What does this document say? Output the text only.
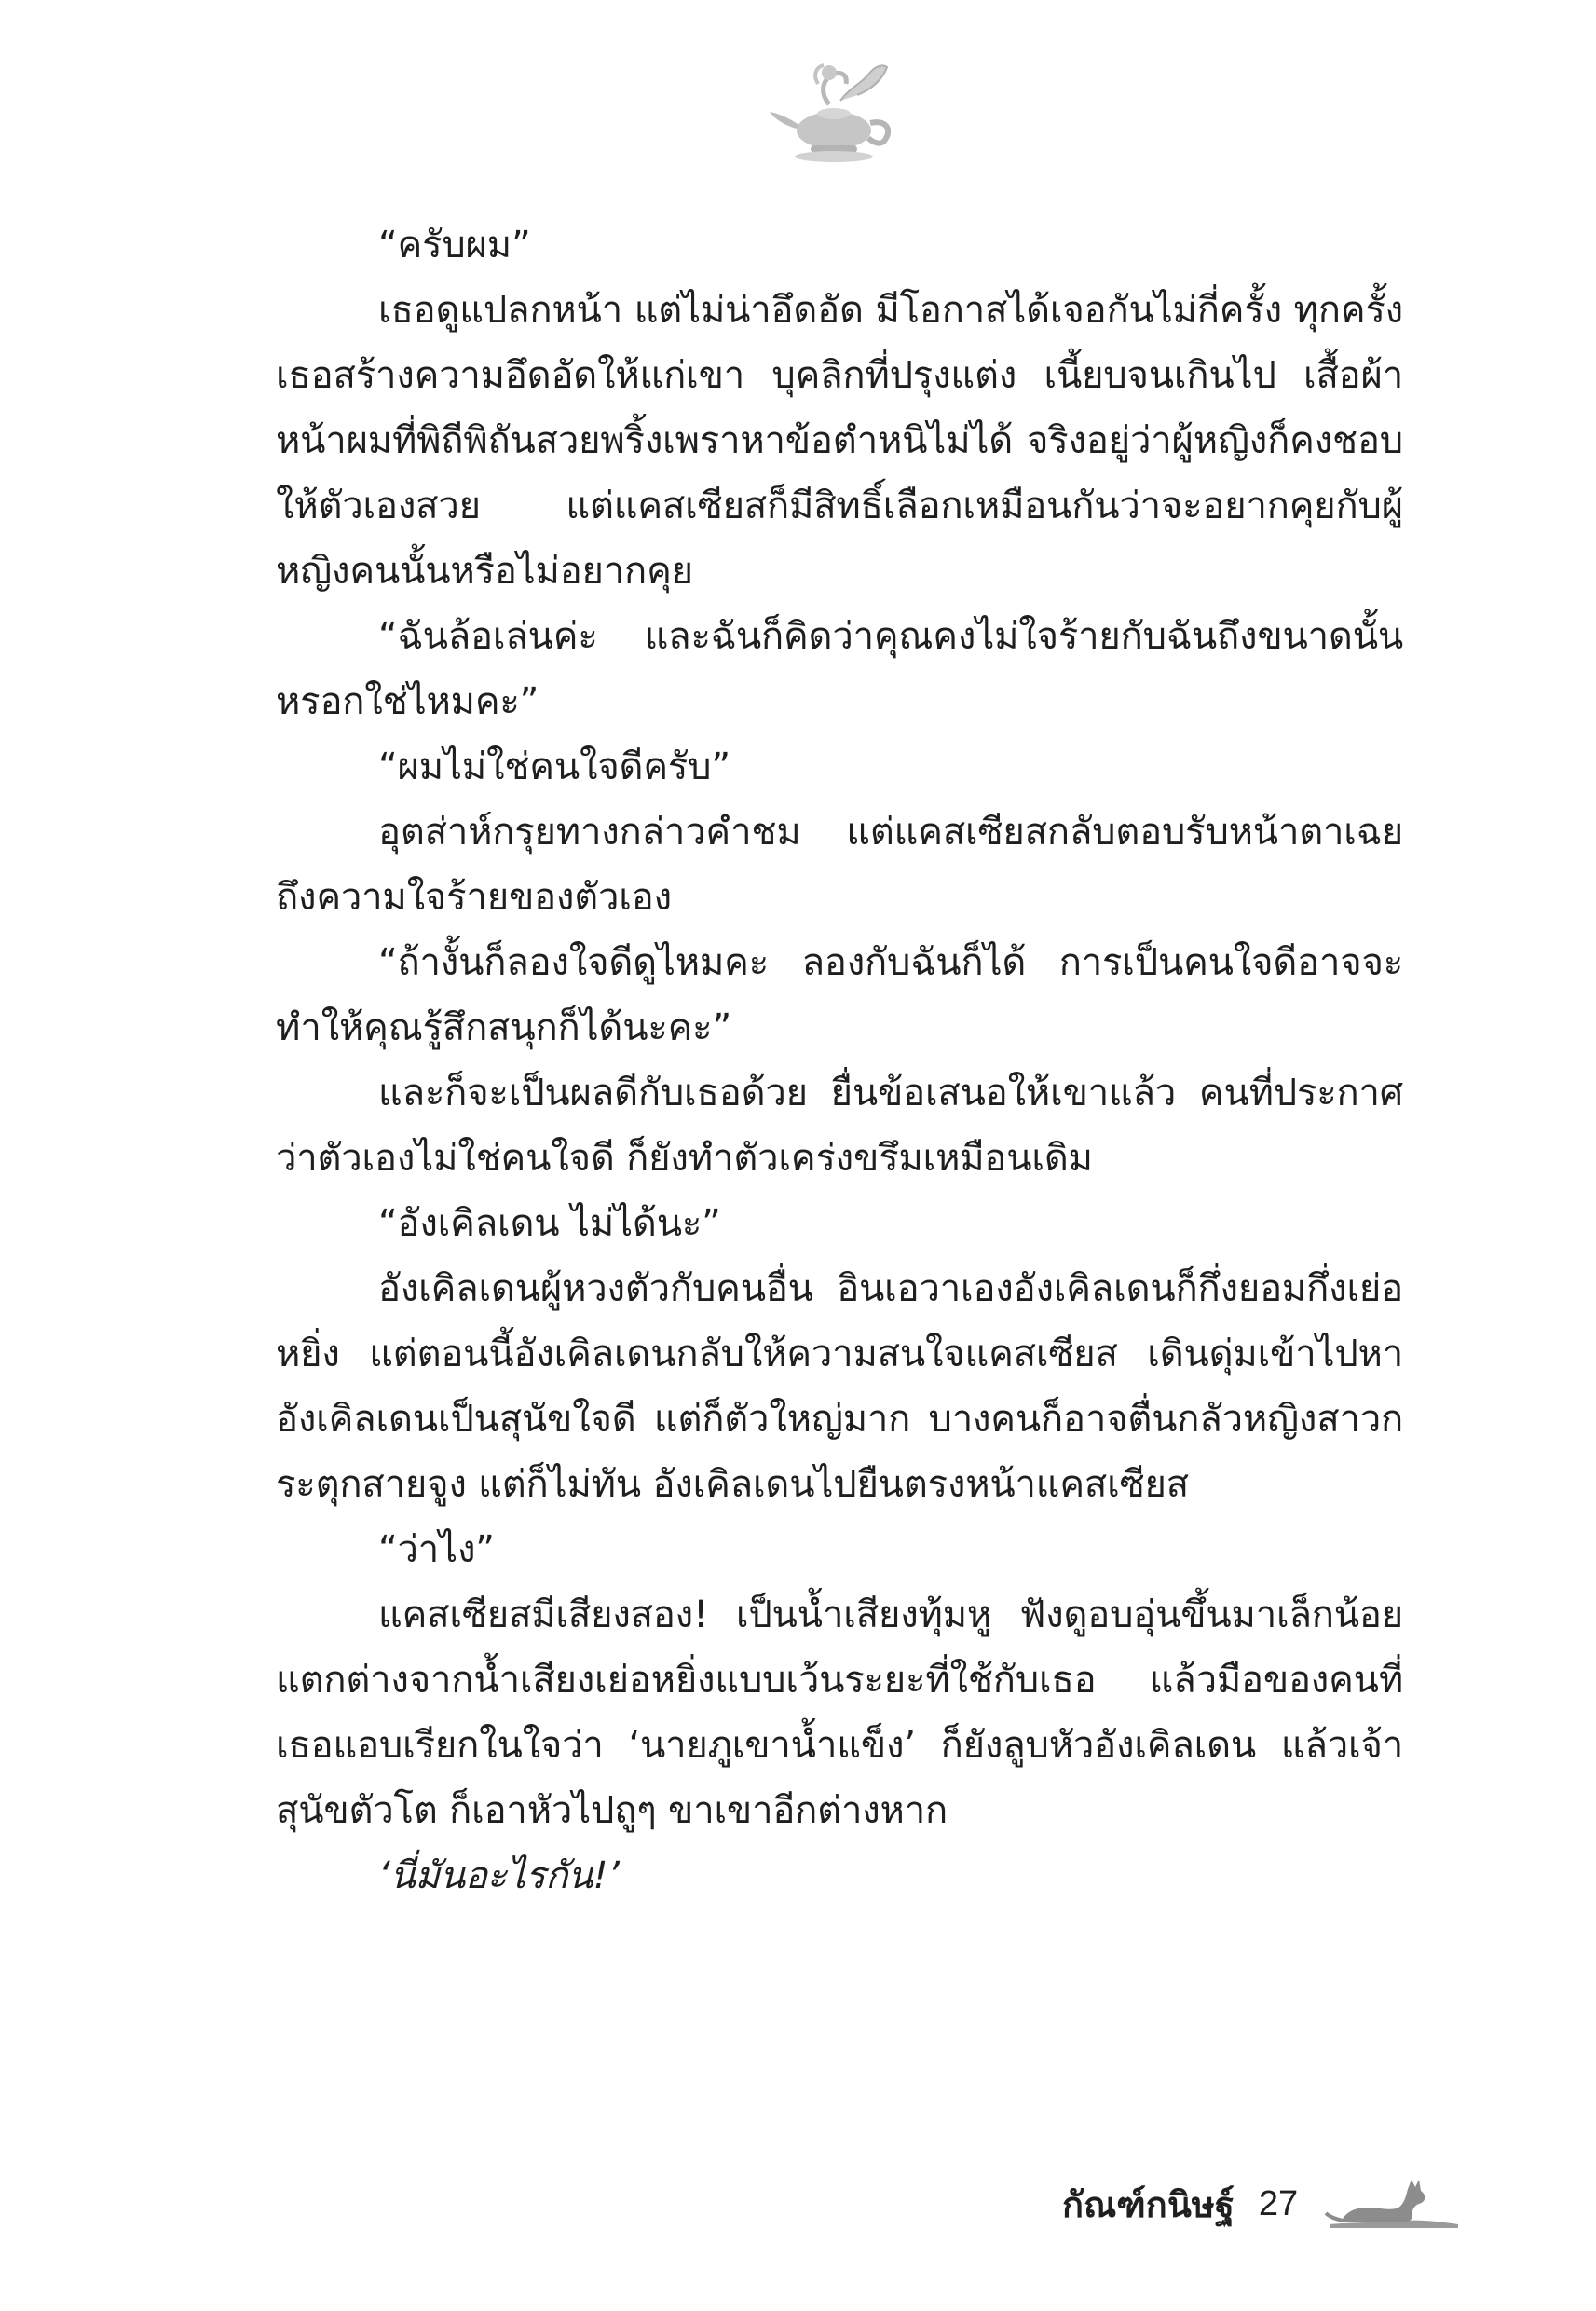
“ครับผม”

เธอดูแปลกหน้า แต่ไม่น่าอึดอัด มีโอกาสได้เจอกันไม่กี่ครั้ง ทุกครั้งเธอสร้างความอึดอัดให้แก่เขา บุคลิกที่ปรุงแต่ง เนี้ยบจนเกินไป เสื้อผ้าหน้าผมที่พิถีพิถันสวยพริ้งเพราหาข้อตำหนิไม่ได้ จริงอยู่ว่าผู้หญิงก็คงชอบให้ตัวเองสวย แต่แคสเซียสก็มีสิทธิ์เลือกเหมือนกันว่าจะอยากคุยกับผู้หญิงคนนั้นหรือไม่อยากคุย

“ฉันล้อเล่นค่ะ และฉันก็คิดว่าคุณคงไม่ใจร้ายกับฉันถึงขนาดนั้นหรอกใช่ไหมคะ”

“ผมไม่ใช่คนใจดีครับ”

อุตส่าห์กรุยทางกล่าวคำชม แต่แคสเซียสกลับตอบรับหน้าตาเฉยถึงความใจร้ายของตัวเอง

“ถ้างั้นก็ลองใจดีดูไหมคะ ลองกับฉันก็ได้ การเป็นคนใจดีอาจจะทำให้คุณรู้สึกสนุกก็ได้นะคะ”

และก็จะเป็นผลดีกับเธอด้วย ยื่นข้อเสนอให้เขาแล้ว คนที่ประกาศว่าตัวเองไม่ใช่คนใจดี ก็ยังทำตัวเคร่งขรึมเหมือนเดิม

“อังเคิลเดน ไม่ได้นะ”

อังเคิลเดนผู้หวงตัวกับคนอื่น อินเอวาเองอังเคิลเดนก็กึ่งยอมกึ่งเย่อหยิ่ง แต่ตอนนี้อังเคิลเดนกลับให้ความสนใจแคสเซียส เดินดุ่มเข้าไปหา อังเคิลเดนเป็นสุนัขใจดี แต่ก็ตัวใหญ่มาก บางคนก็อาจตื่นกลัวหญิงสาวกระตุกสายจูง แต่ก็ไม่ทัน อังเคิลเดนไปยืนตรงหน้าแคสเซียส

“ว่าไง”

แคสเซียสมีเสียงสอง! เป็นน้ำเสียงทุ้มหู ฟังดูอบอุ่นขึ้นมาเล็กน้อยแตกต่างจากน้ำเสียงเย่อหยิ่งแบบเว้นระยะที่ใช้กับเธอ แล้วมือของคนที่เธอแอบเรียกในใจว่า ‘นายภูเขาน้ำแข็ง’ ก็ยังลูบหัวอังเคิลเดน แล้วเจ้าสุนัขตัวโต ก็เอาหัวไปถูๆ ขาเขาอีกต่างหาก

‘นี่มันอะไรกัน!’

กัณฑ์กนิษฐ์ 27
